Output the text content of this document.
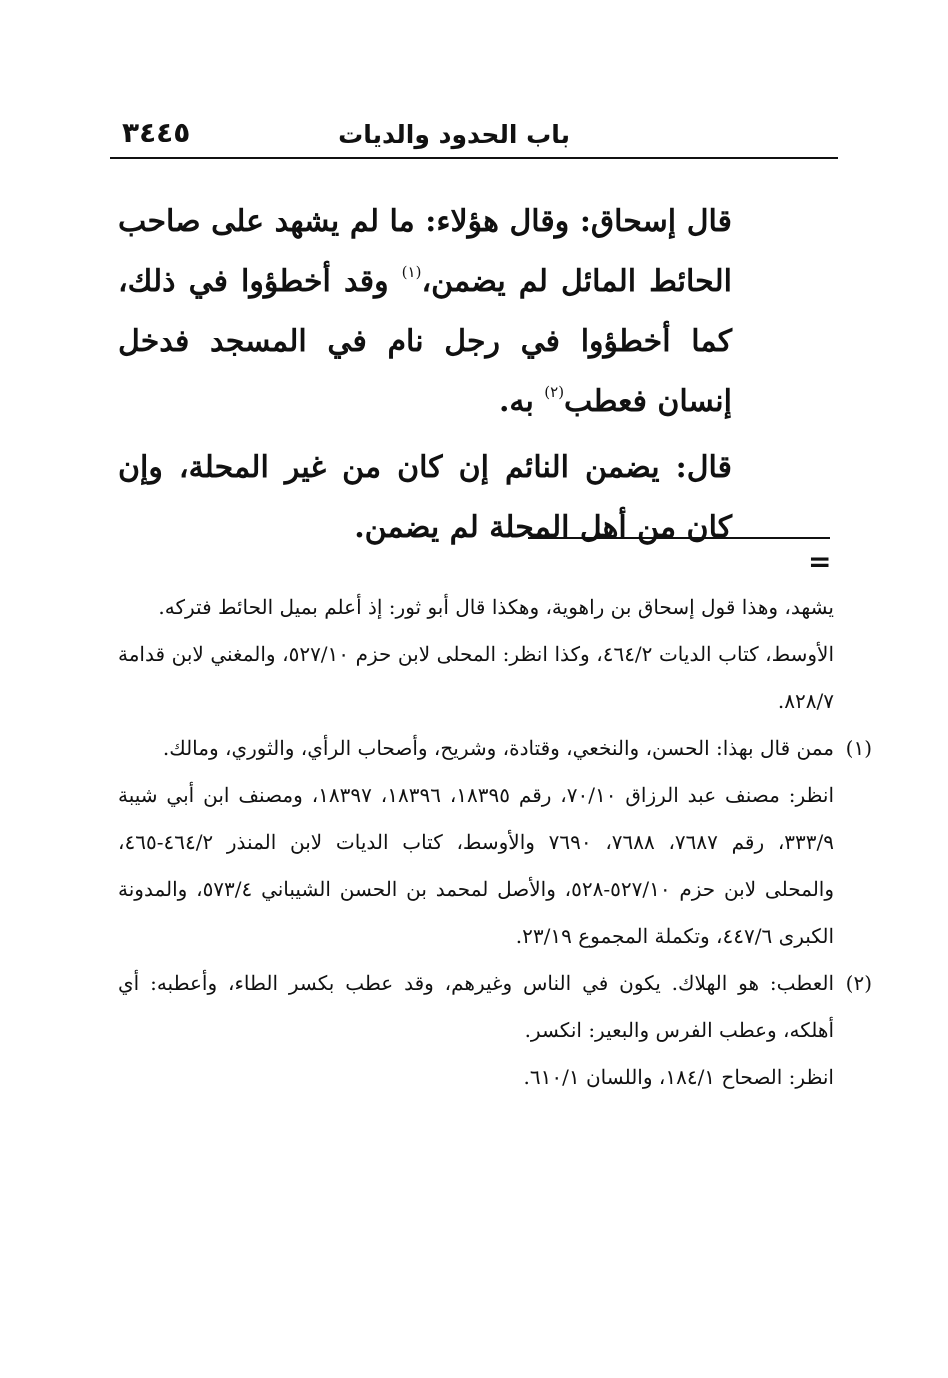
باب الحدود والديات
٣٤٤٥

قال إسحاق: وقال هؤلاء: ما لم يشهد على صاحب الحائط المائل لم يضمن،$^{(١)}$ وقد أخطؤوا في ذلك، كما أخطؤوا في رجل نام في المسجد فدخل إنسان فعطب$^{(٢)}$ به.

قال: يضمن النائم إن كان من غير المحلة، وإن كان من أهل المحلة لم يضمن.

=

يشهد، وهذا قول إسحاق بن راهوية، وهكذا قال أبو ثور: إذ أعلم بميل الحائط فتركه.

الأوسط، كتاب الديات ٤٦٤/٢، وكذا انظر: المحلى لابن حزم ٥٢٧/١٠، والمغني لابن قدامة ٨٢٨/٧.

(١)ممن قال بهذا: الحسن، والنخعي، وقتادة، وشريح، وأصحاب الرأي، والثوري، ومالك.

انظر: مصنف عبد الرزاق ٧٠/١٠، رقم ١٨٣٩٥، ١٨٣٩٦، ١٨٣٩٧، ومصنف ابن أبي شيبة ٣٣٣/٩، رقم ٧٦٨٧، ٧٦٨٨، ٧٦٩٠ والأوسط، كتاب الديات لابن المنذر ٤٦٤/٢-٤٦٥، والمحلى لابن حزم ٥٢٧/١٠-٥٢٨، والأصل لمحمد بن الحسن الشيباني ٥٧٣/٤، والمدونة الكبرى ٤٤٧/٦، وتكملة المجموع ٢٣/١٩.

(٢)العطب: هو الهلاك. يكون في الناس وغيرهم، وقد عطب بكسر الطاء، وأعطبه: أي أهلكه، وعطب الفرس والبعير: انكسر.

انظر: الصحاح ١٨٤/١، واللسان ٦١٠/١.
